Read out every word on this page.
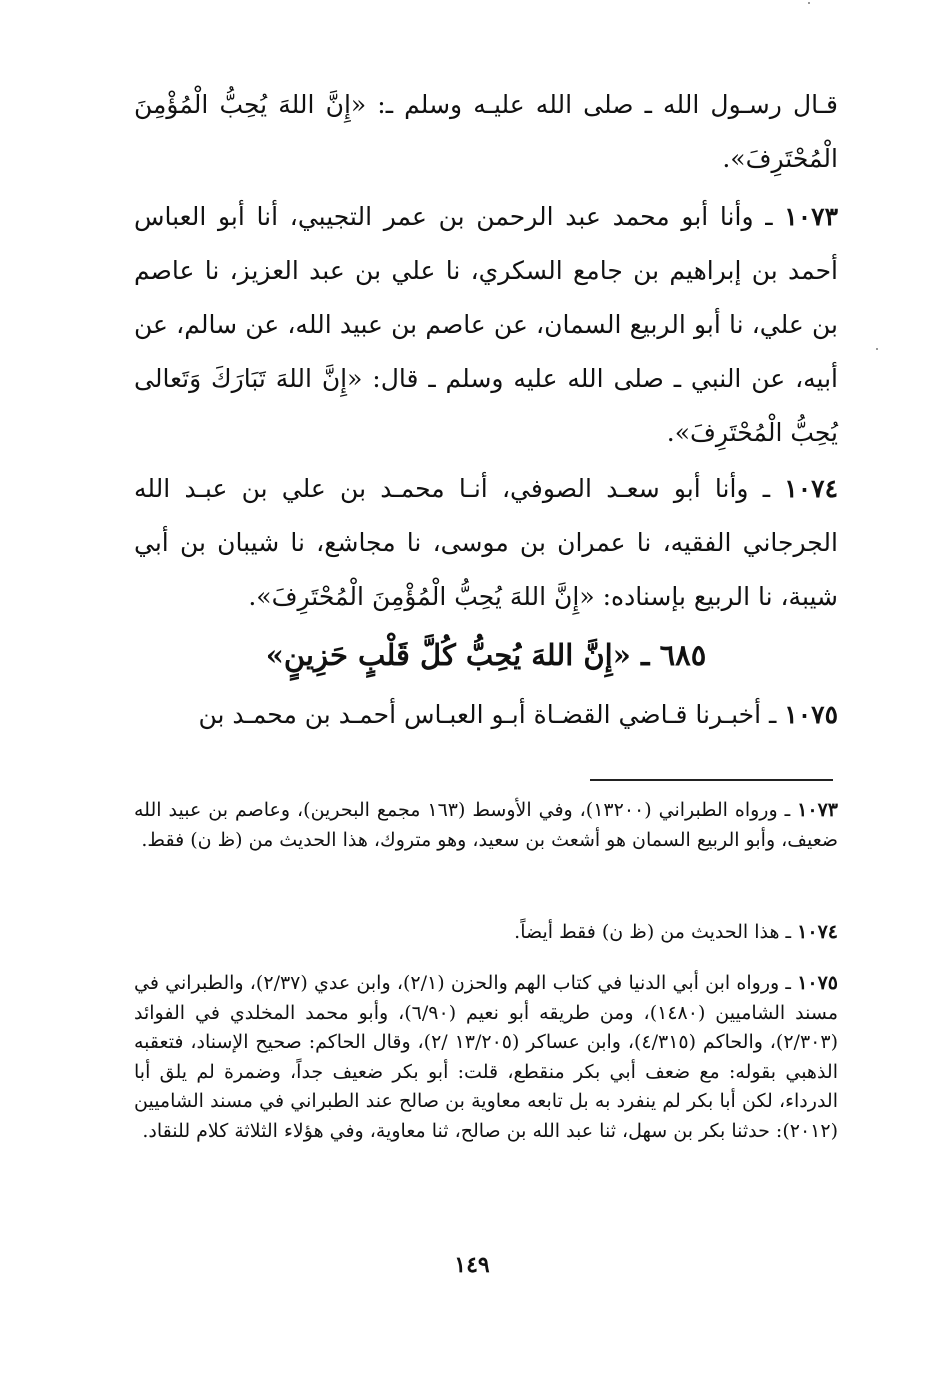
قـال رسـول الله ـ صلى الله عليـه وسلم ـ: «إِنَّ اللهَ يُحِبُّ الْمُؤْمِنَ الْمُحْتَرِفَ».

١٠٧٣ ـ وأنا أبو محمد عبد الرحمن بن عمر التجيبي، أنا أبو العباس أحمد بن إبراهيم بن جامع السكري، نا علي بن عبد العزيز، نا عاصم بن علي، نا أبو الربيع السمان، عن عاصم بن عبيد الله، عن سالم، عن أبيه، عن النبي ـ صلى الله عليه وسلم ـ قال: «إِنَّ اللهَ تَبَارَكَ وَتَعالى يُحِبُّ الْمُحْتَرِفَ».

١٠٧٤ ـ وأنا أبو سعـد الصوفي، أنـا محمـد بن علي بن عبـد الله الجرجاني الفقيه، نا عمران بن موسى، نا مجاشع، نا شيبان بن أبي شيبة، نا الربيع بإسناده: «إِنَّ اللهَ يُحِبُّ الْمُؤْمِنَ الْمُحْتَرِفَ».

٦٨٥ ـ «إِنَّ اللهَ يُحِبُّ كُلَّ قَلْبٍ حَزِينٍ»

١٠٧٥ ـ أخبـرنا قـاضي القضـاة أبـو العبـاس أحمـد بن محمـد بن

١٠٧٣ ـ ورواه الطبراني (١٣٢٠٠)، وفي الأوسط (١٦٣ مجمع البحرين)، وعاصم بن عبيد الله ضعيف، وأبو الربيع السمان هو أشعث بن سعيد، وهو متروك، هذا الحديث من (ظ ن) فقط.

١٠٧٤ ـ هذا الحديث من (ظ ن) فقط أيضاً.

١٠٧٥ ـ ورواه ابن أبي الدنيا في كتاب الهم والحزن (٢/١)، وابن عدي (٢/٣٧)، والطبراني في مسند الشاميين (١٤٨٠)، ومن طريقه أبو نعيم (٦/٩٠)، وأبو محمد المخلدي في الفوائد (٢/٣٠٣)، والحاكم (٤/٣١٥)، وابن عساكر (١٣/٢٠٥ /٢)، وقال الحاكم: صحيح الإسناد، فتعقبه الذهبي بقوله: مع ضعف أبي بكر منقطع، قلت: أبو بكر ضعيف جداً، وضمرة لم يلق أبا الدرداء، لكن أبا بكر لم ينفرد به بل تابعه معاوية بن صالح عند الطبراني في مسند الشاميين (٢٠١٢): حدثنا بكر بن سهل، ثنا عبد الله بن صالح، ثنا معاوية، وفي هؤلاء الثلاثة كلام للنقاد.

١٤٩
